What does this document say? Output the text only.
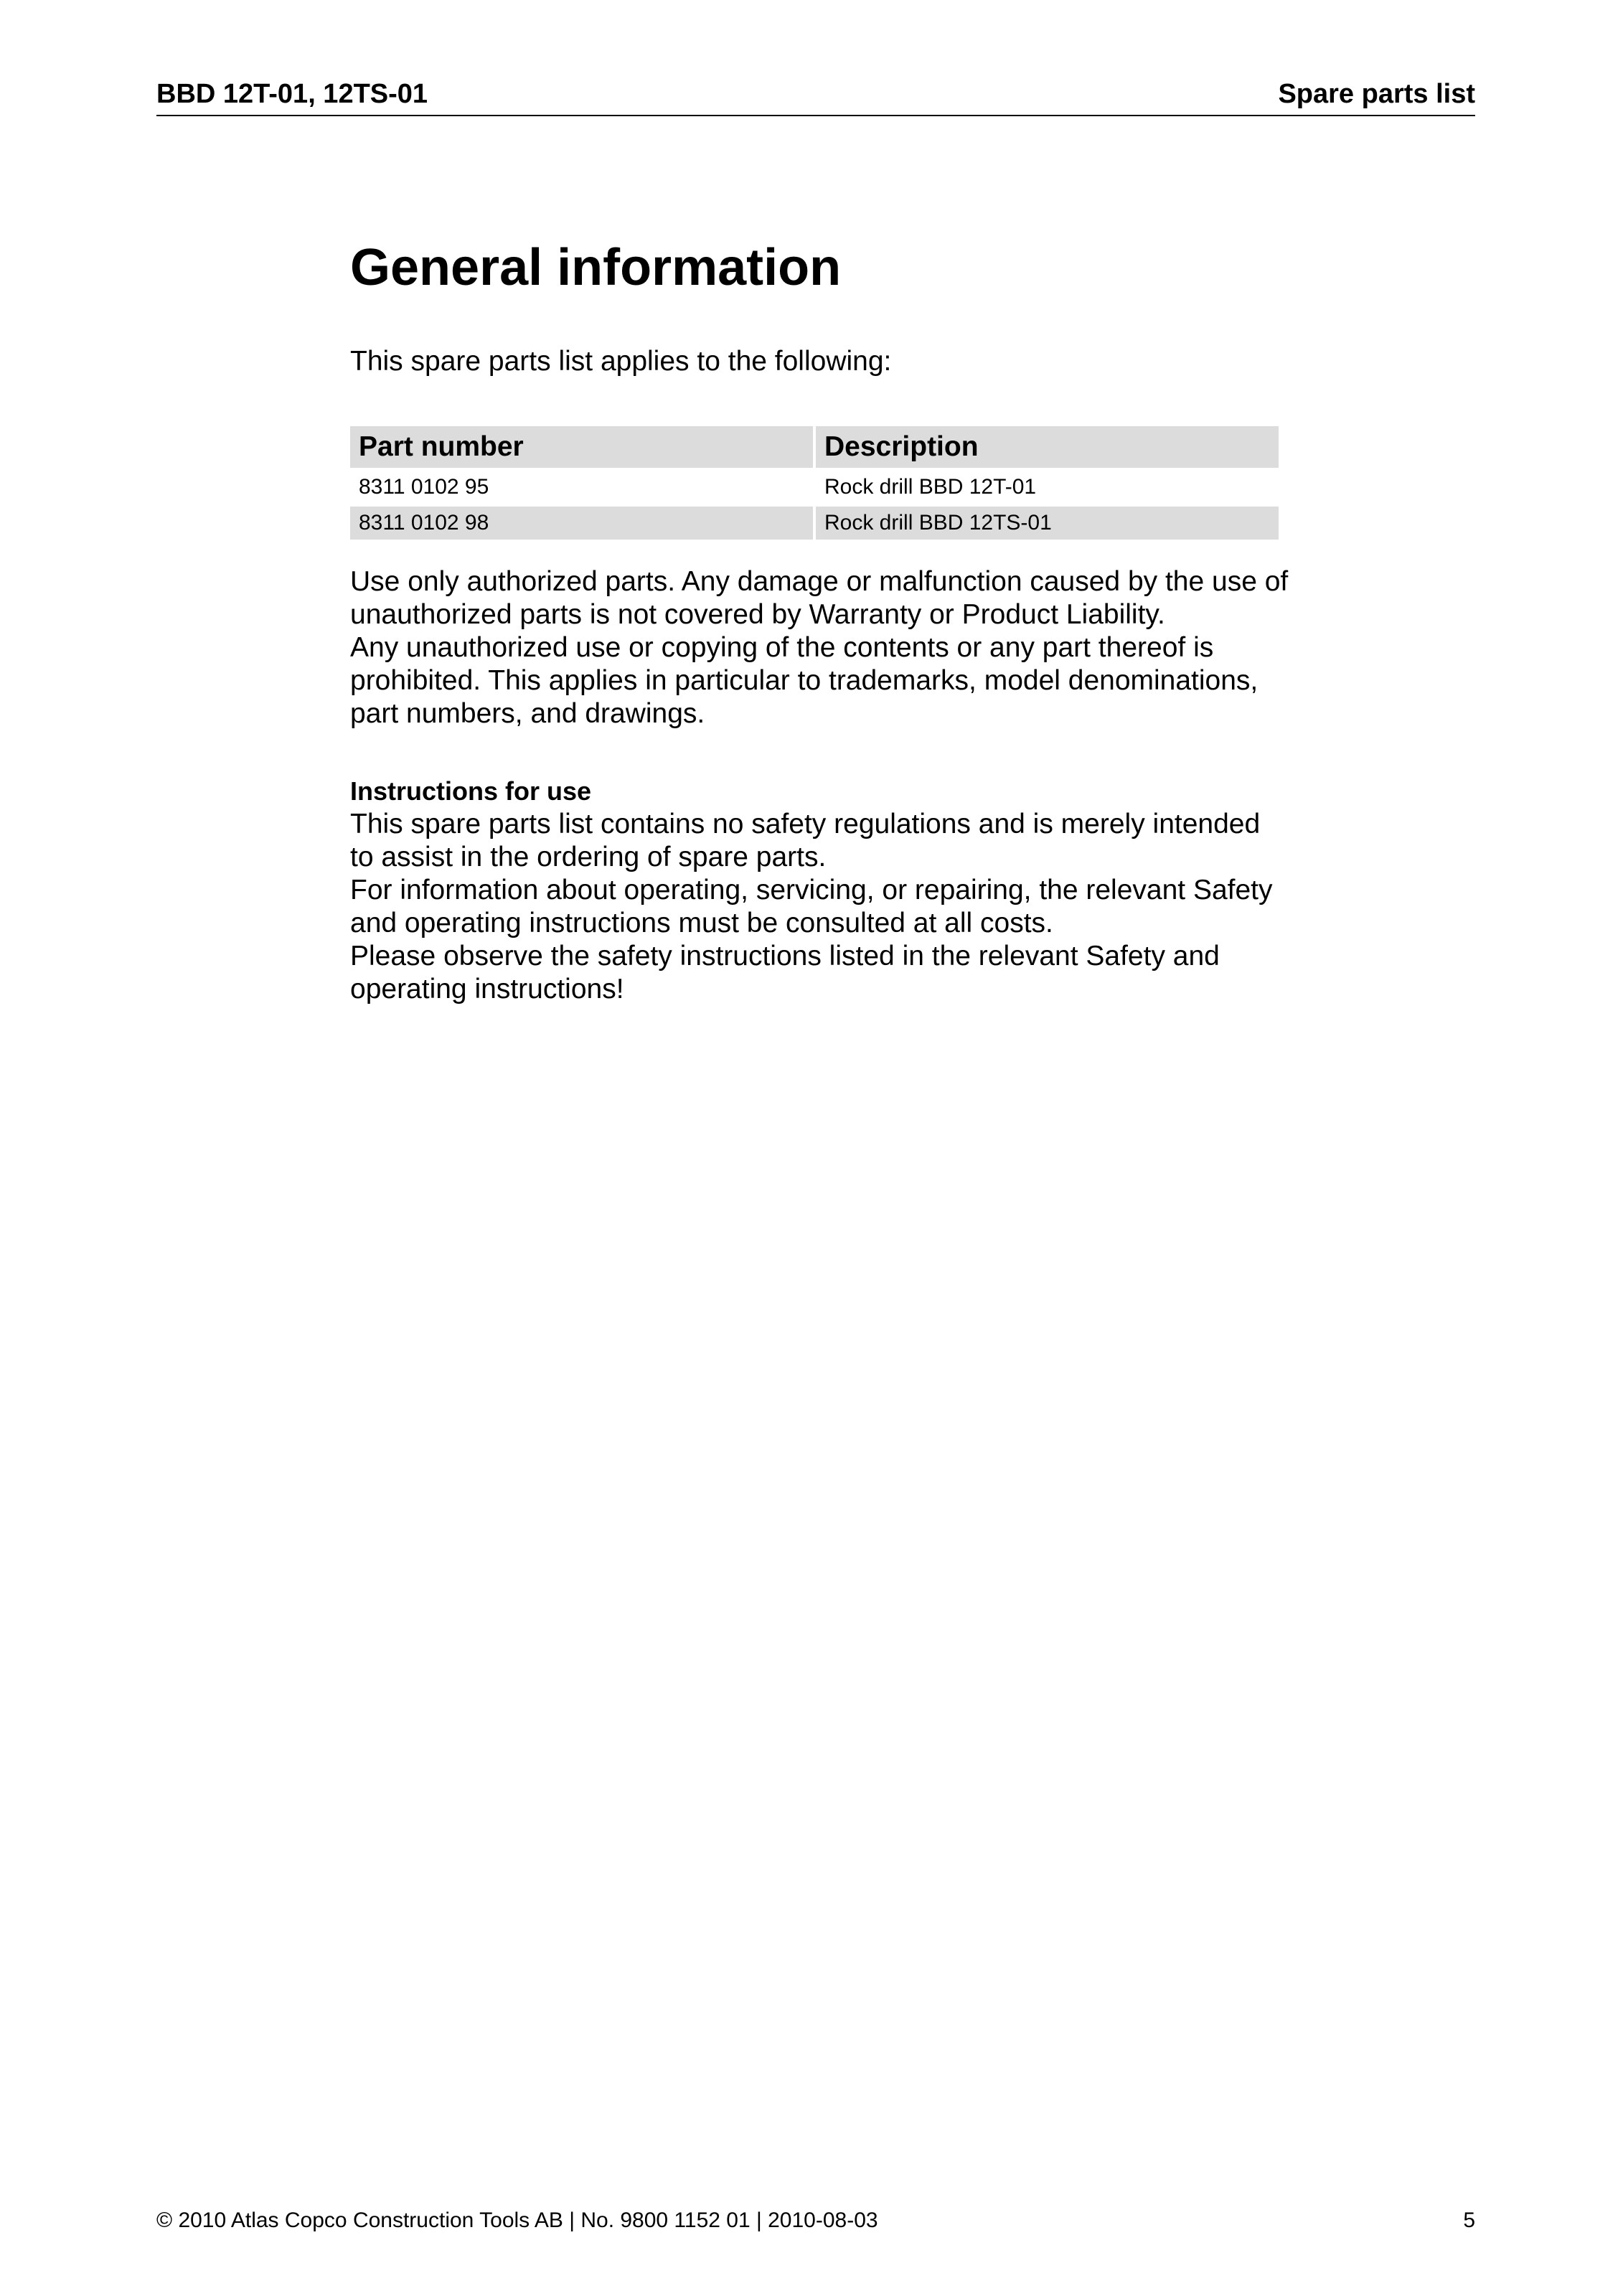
BBD 12T-01, 12TS-01	Spare parts list
General information

This spare parts list applies to the following:

Part number	Description
8311 0102 95	Rock drill BBD 12T-01
8311 0102 98	Rock drill BBD 12TS-01

Use only authorized parts. Any damage or malfunction caused by the use of unauthorized parts is not covered by Warranty or Product Liability.

Any unauthorized use or copying of the contents or any part thereof is prohibited. This applies in particular to trademarks, model denominations, part numbers, and drawings.

Instructions for use

This spare parts list contains no safety regulations and is merely intended to assist in the ordering of spare parts.

For information about operating, servicing, or repairing, the relevant Safety and operating instructions must be consulted at all costs.

Please observe the safety instructions listed in the relevant Safety and operating instructions!

© 2010 Atlas Copco Construction Tools AB | No. 9800 1152 01 | 2010-08-03	5
